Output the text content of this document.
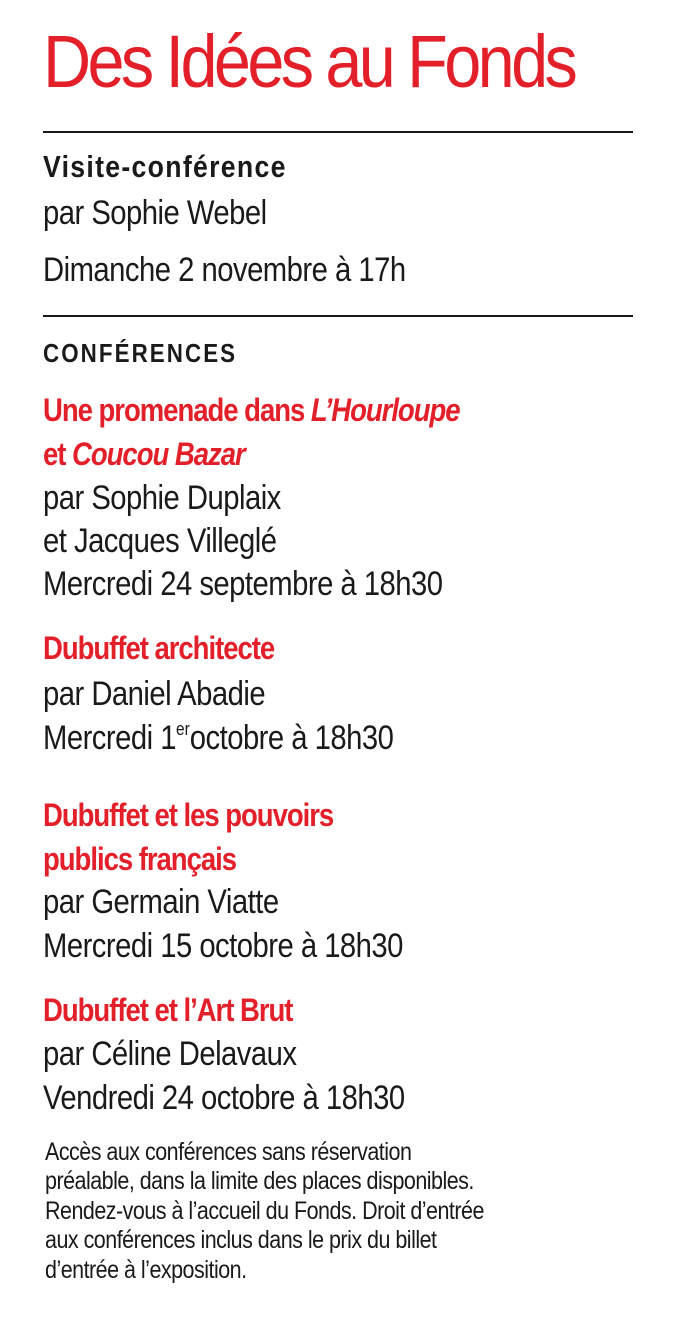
Des Idées au Fonds
Visite-conférence
par Sophie Webel
Dimanche 2 novembre à 17h
CONFÉRENCES
Une promenade dans L’Hourloupe
et Coucou Bazar
par Sophie Duplaix
et Jacques Villeglé
Mercredi 24 septembre à 18h30
Dubuffet architecte
par Daniel Abadie
Mercredi 1eroctobre à 18h30
Dubuffet et les pouvoirs
publics français
par Germain Viatte
Mercredi 15 octobre à 18h30
Dubuffet et l’Art Brut
par Céline Delavaux
Vendredi 24 octobre à 18h30
Accès aux conférences sans réservation
préalable, dans la limite des places disponibles.
Rendez-vous à l’accueil du Fonds. Droit d’entrée
aux conférences inclus dans le prix du billet
d’entrée à l’exposition.
